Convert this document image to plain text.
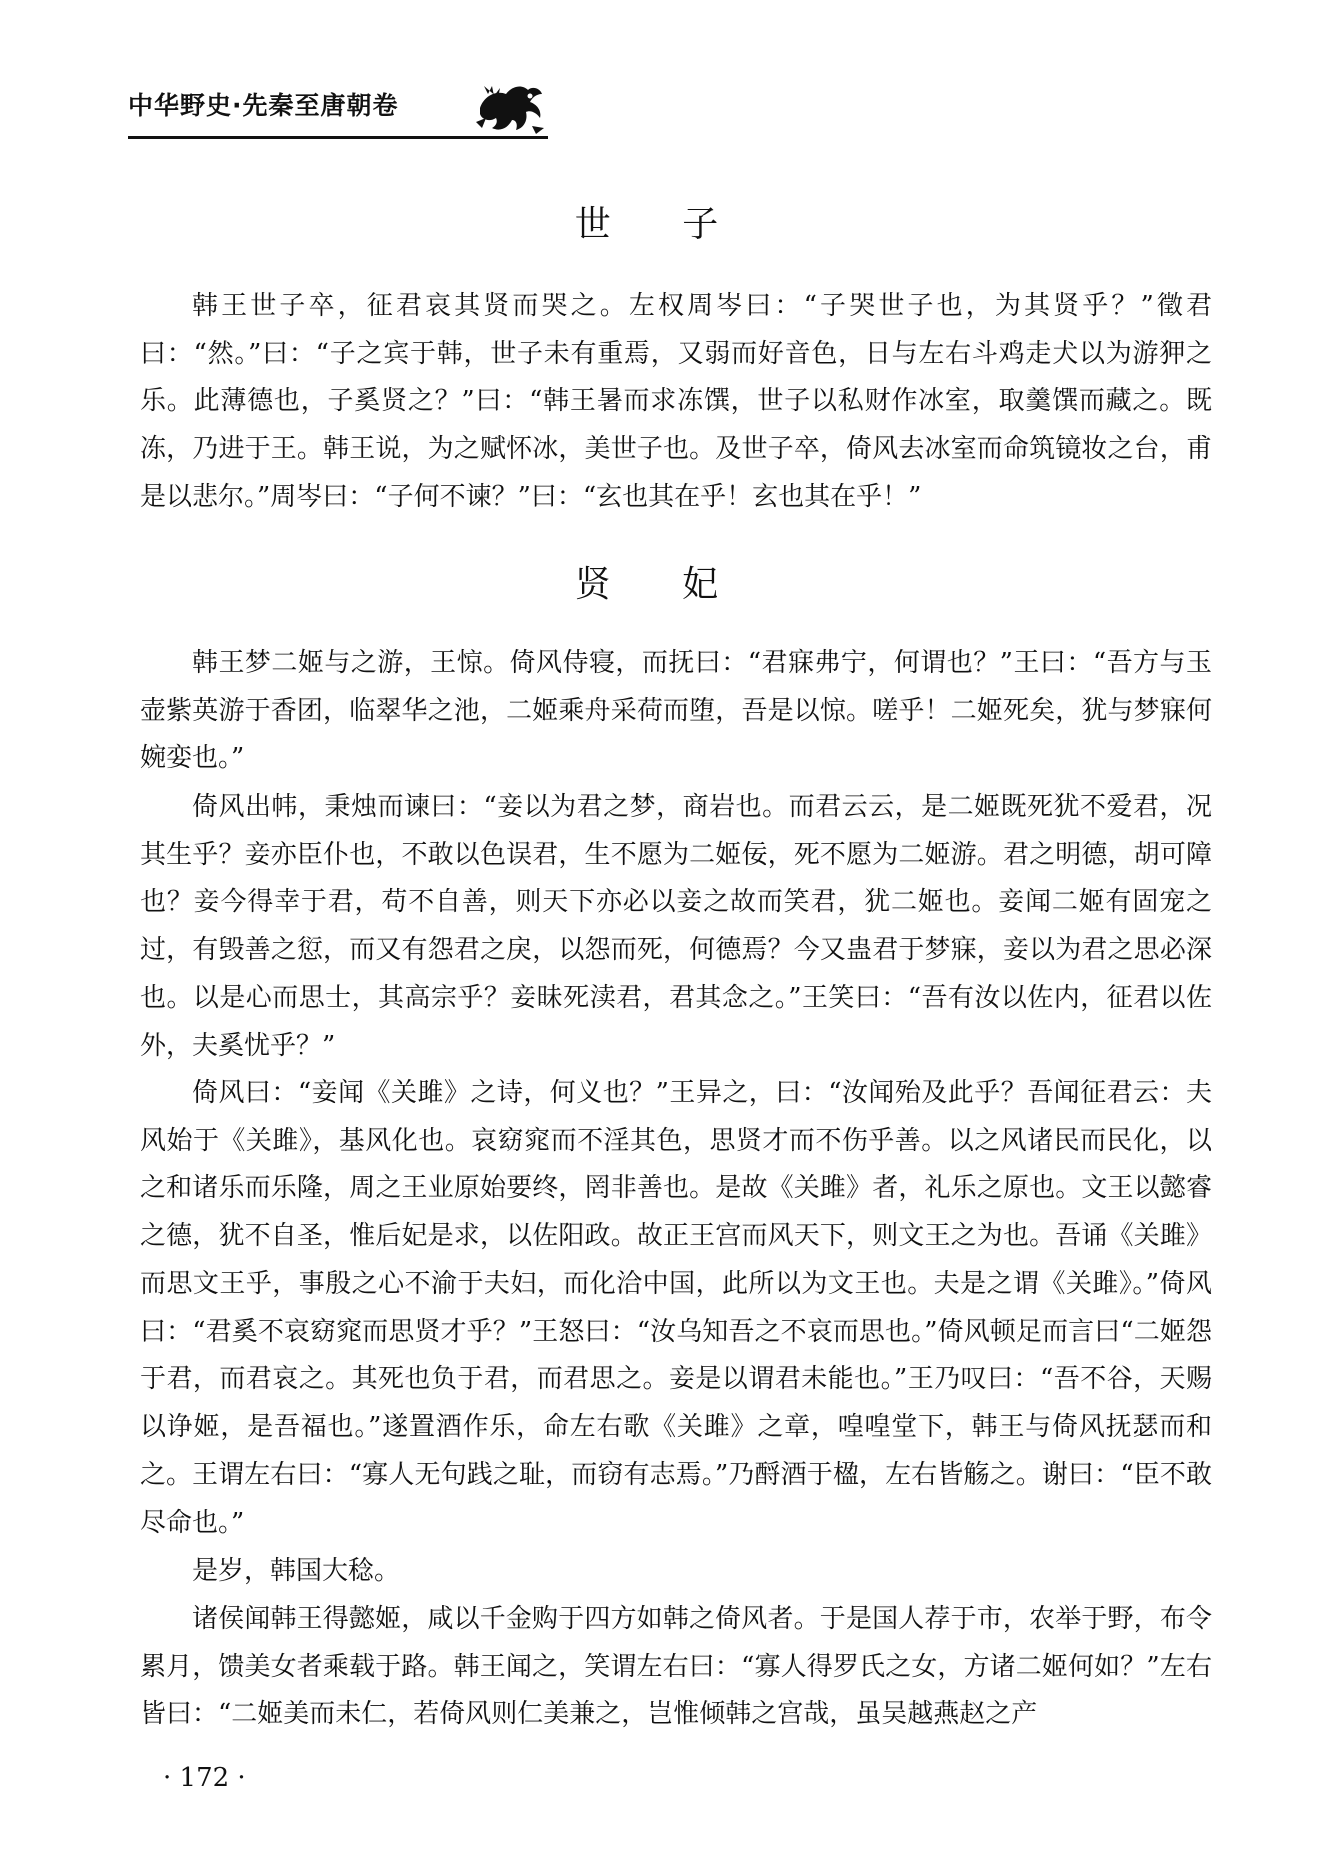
中华野史·先秦至唐朝卷
世 子

韩王世子卒，征君哀其贤而哭之。左权周岑曰：“子哭世子也，为其贤乎？”徵君曰：“然。”曰：“子之宾于韩，世子未有重焉，又弱而好音色，日与左右斗鸡走犬以为游狎之乐。此薄德也，子奚贤之？”曰：“韩王暑而求冻馔，世子以私财作冰室，取羹馔而藏之。既冻，乃进于王。韩王说，为之赋怀冰，美世子也。及世子卒，倚风去冰室而命筑镜妆之台，甫是以悲尔。”周岑曰：“子何不谏？”曰：“玄也其在乎！玄也其在乎！”

贤 妃

韩王梦二姬与之游，王惊。倚风侍寝，而抚曰：“君寐弗宁，何谓也？”王曰：“吾方与玉壶紫英游于香团，临翠华之池，二姬乘舟采荷而堕，吾是以惊。嗟乎！二姬死矣，犹与梦寐何婉娈也。”

倚风出帏，秉烛而谏曰：“妾以为君之梦，商岩也。而君云云，是二姬既死犹不爱君，况其生乎？妾亦臣仆也，不敢以色误君，生不愿为二姬佞，死不愿为二姬游。君之明德，胡可障也？妾今得幸于君，苟不自善，则天下亦必以妾之故而笑君，犹二姬也。妾闻二姬有固宠之过，有毁善之愆，而又有怨君之戾，以怨而死，何德焉？今又蛊君于梦寐，妾以为君之思必深也。以是心而思士，其高宗乎？妾昧死渎君，君其念之。”王笑曰：“吾有汝以佐内，征君以佐外，夫奚忧乎？”

倚风曰：“妾闻《关雎》之诗，何义也？”王异之，曰：“汝闻殆及此乎？吾闻征君云：夫风始于《关雎》，基风化也。哀窈窕而不淫其色，思贤才而不伤乎善。以之风诸民而民化，以之和诸乐而乐隆，周之王业原始要终，罔非善也。是故《关雎》者，礼乐之原也。文王以懿睿之德，犹不自圣，惟后妃是求，以佐阳政。故正王宫而风天下，则文王之为也。吾诵《关雎》而思文王乎，事殷之心不渝于夫妇，而化洽中国，此所以为文王也。夫是之谓《关雎》。”倚风曰：“君奚不哀窈窕而思贤才乎？”王怒曰：“汝乌知吾之不哀而思也。”倚风顿足而言曰“二姬怨于君，而君哀之。其死也负于君，而君思之。妾是以谓君未能也。”王乃叹曰：“吾不谷，天赐以诤姬，是吾福也。”遂置酒作乐，命左右歌《关雎》之章，喤喤堂下，韩王与倚风抚瑟而和之。 王谓左右曰：“寡人无句践之耻，而窃有志焉。”乃酹酒于楹，左右皆觞之。谢曰：“臣不敢尽命也。”

是岁，韩国大稔。

诸侯闻韩王得懿姬，咸以千金购于四方如韩之倚风者。于是国人荐于市，农举于野，布令累月，馈美女者乘载于路。韩王闻之，笑谓左右曰：“寡人得罗氏之女，方诸二姬何如？”左右皆曰：“二姬美而未仁，若倚风则仁美兼之，岂惟倾韩之宫哉，虽吴越燕赵之产

· 172 ·
